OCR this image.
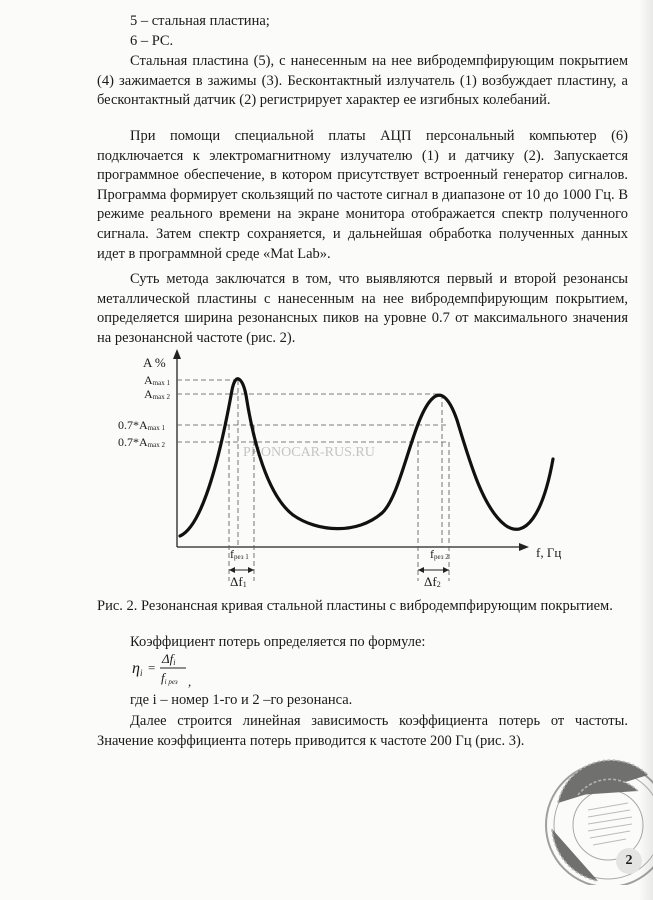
5 – стальная пластина;
6 – PC.

Стальная пластина (5), с нанесенным на нее вибродемпфирующим покрытием (4) зажимается в зажимы (3). Бесконтактный излучатель (1) возбуждает пластину, а бесконтактный датчик (2) регистрирует характер ее изгибных колебаний.

При помощи специальной платы АЦП персональный компьютер (6) подключается к электромагнитному излучателю (1) и датчику (2). Запускается программное обеспечение, в котором присутствует встроенный генератор сигналов. Программа формирует скользящий по частоте сигнал в диапазоне от 10 до 1000 Гц. В режиме реального времени на экране монитора отображается спектр полученного сигнала. Затем спектр сохраняется, и дальнейшая обработка полученных данных идет в программной среде «Mat Lab».

Суть метода заключатся в том, что выявляются первый и второй резонансы металлической пластины с нанесенным на нее вибродемпфирующим покрытием, определяется ширина резонансных пиков на уровне 0.7 от максимального значения на резонансной частоте (рис. 2).

PHONOCAR-RUS.RU
A %
f, Гц
Amax 1
Amax 2
0.7*Amax 1
0.7*Amax 2
fрез 1	fрез 2
Δf1	Δf2

Рис. 2. Резонансная кривая стальной пластины с вибродемпфирующим покрытием.

Коэффициент потерь определяется по формуле:
ηi =
Δfi
fi рез ,
где i – номер 1-го и 2 –го резонанса.

Далее строится линейная зависимость коэффициента потерь от частоты. Значение коэффициента потерь приводится к частоте 200 Гц (рис. 3).

2
